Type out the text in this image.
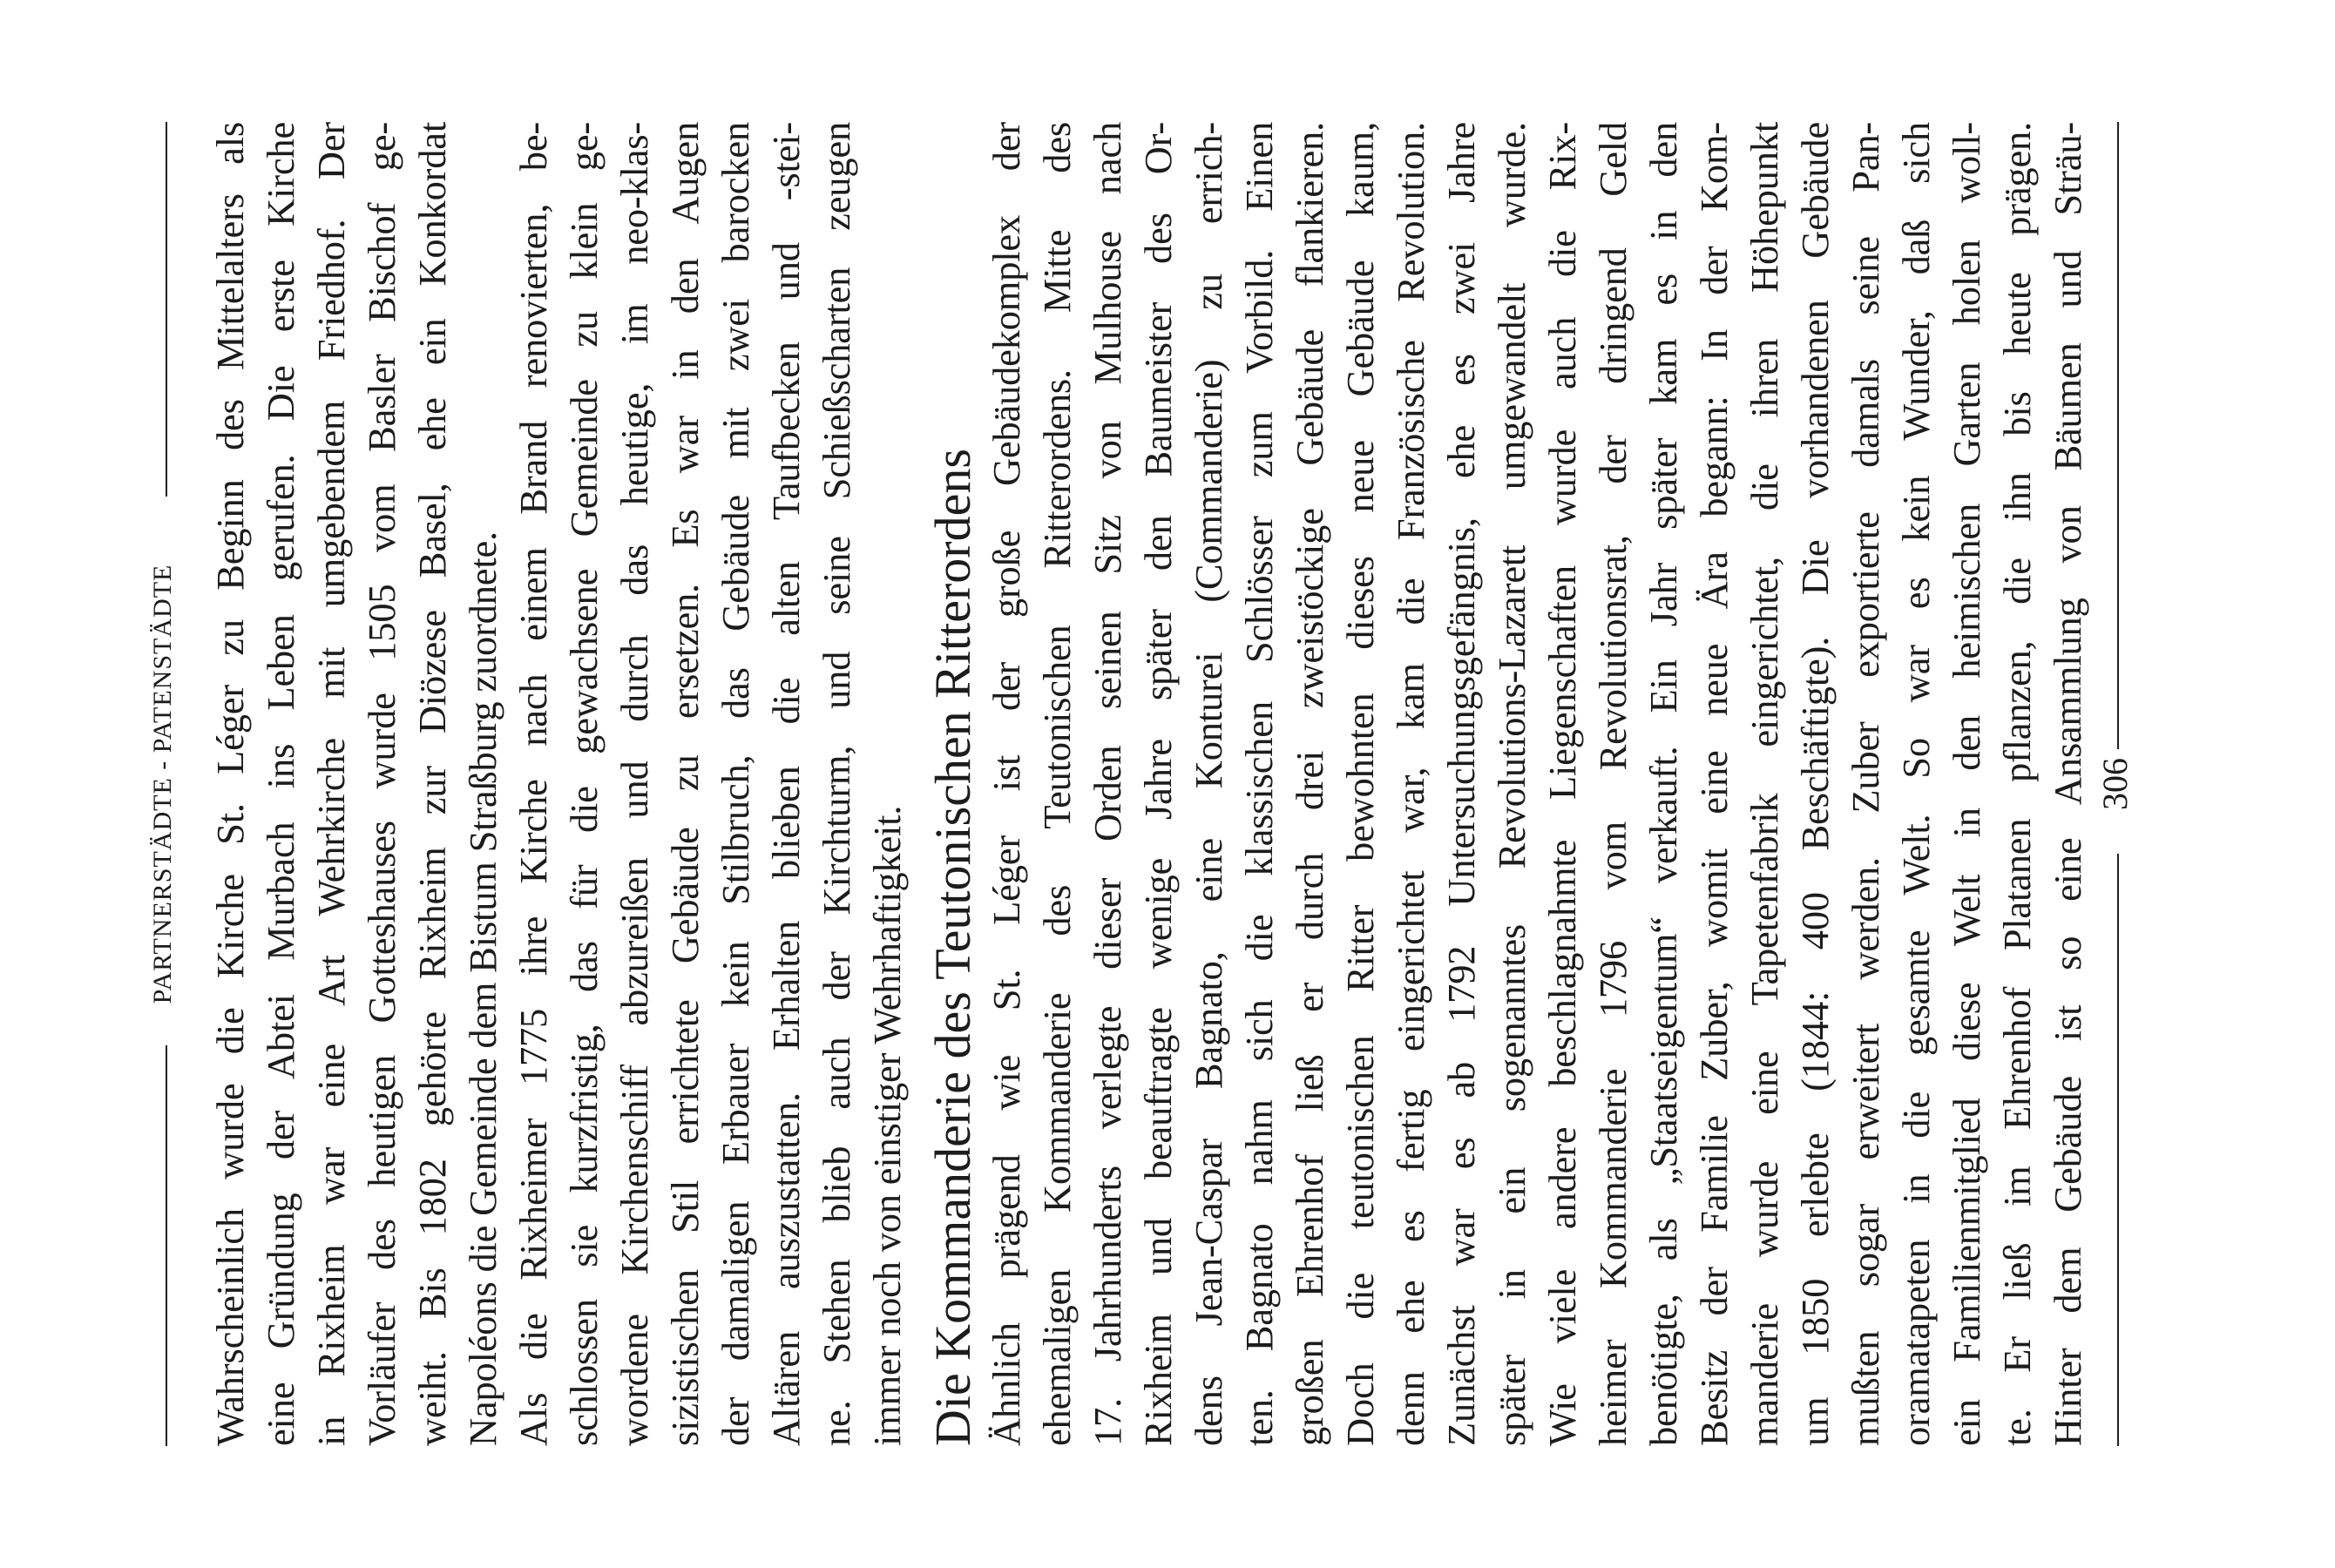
PARTNERSTÄDTE - PATENSTÄDTE Wahrscheinlich wurde die Kirche St. Léger zu Beginn des Mittelalters als eine Gründung der Abtei Murbach ins Leben gerufen. Die erste Kirche in Rixheim war eine Art Wehrkirche mit umgebendem Friedhof. Der Vorläufer des heutigen Gotteshauses wurde 1505 vom Basler Bischof ge- weiht. Bis 1802 gehörte Rixheim zur Diözese Basel, ehe ein Konkordat Napoléons die Gemeinde dem Bistum Straßburg zuordnete. Als die Rixheimer 1775 ihre Kirche nach einem Brand renovierten, be- schlossen sie kurzfristig, das für die gewachsene Gemeinde zu klein ge- wordene Kirchenschiff abzureißen und durch das heutige, im neo-klas- sizistischen Stil errichtete Gebäude zu ersetzen. Es war in den Augen der damaligen Erbauer kein Stilbruch, das Gebäude mit zwei barocken Altären auszustatten. Erhalten blieben die alten Taufbecken und -stei- ne. Stehen blieb auch der Kirchturm, und seine Schießscharten zeugen immer noch von einstiger Wehrhaftigkeit. Die Kommanderie des Teutonischen Ritterordens Ähnlich prägend wie St. Léger ist der große Gebäudekomplex der ehemaligen Kommanderie des Teutonischen Ritterordens. Mitte des 17. Jahrhunderts verlegte dieser Orden seinen Sitz von Mulhouse nach Rixheim und beauftragte wenige Jahre später den Baumeister des Or- dens Jean-Caspar Bagnato, eine Konturei (Commanderie) zu errich- ten. Bagnato nahm sich die klassischen Schlösser zum Vorbild. Einen großen Ehrenhof ließ er durch drei zweistöckige Gebäude flankieren. Doch die teutonischen Ritter bewohnten dieses neue Gebäude kaum, denn ehe es fertig eingerichtet war, kam die Französische Revolution. Zunächst war es ab 1792 Untersuchungsgefängnis, ehe es zwei Jahre später in ein sogenanntes Revolutions-Lazarett umgewandelt wurde. Wie viele andere beschlagnahmte Liegenschaften wurde auch die Rix- heimer Kommanderie 1796 vom Revolutionsrat, der dringend Geld benötigte, als „Staatseigentum“ verkauft. Ein Jahr später kam es in den Besitz der Familie Zuber, womit eine neue Ära begann: In der Kom- manderie wurde eine Tapetenfabrik eingerichtet, die ihren Höhepunkt um 1850 erlebte (1844: 400 Beschäftigte). Die vorhandenen Gebäude mußten sogar erweitert werden. Zuber exportierte damals seine Pan- oramatapeten in die gesamte Welt. So war es kein Wunder, daß sich ein Familienmitglied diese Welt in den heimischen Garten holen woll- te. Er ließ im Ehrenhof Platanen pflanzen, die ihn bis heute prägen. Hinter dem Gebäude ist so eine Ansammlung von Bäumen und Sträu- 306
